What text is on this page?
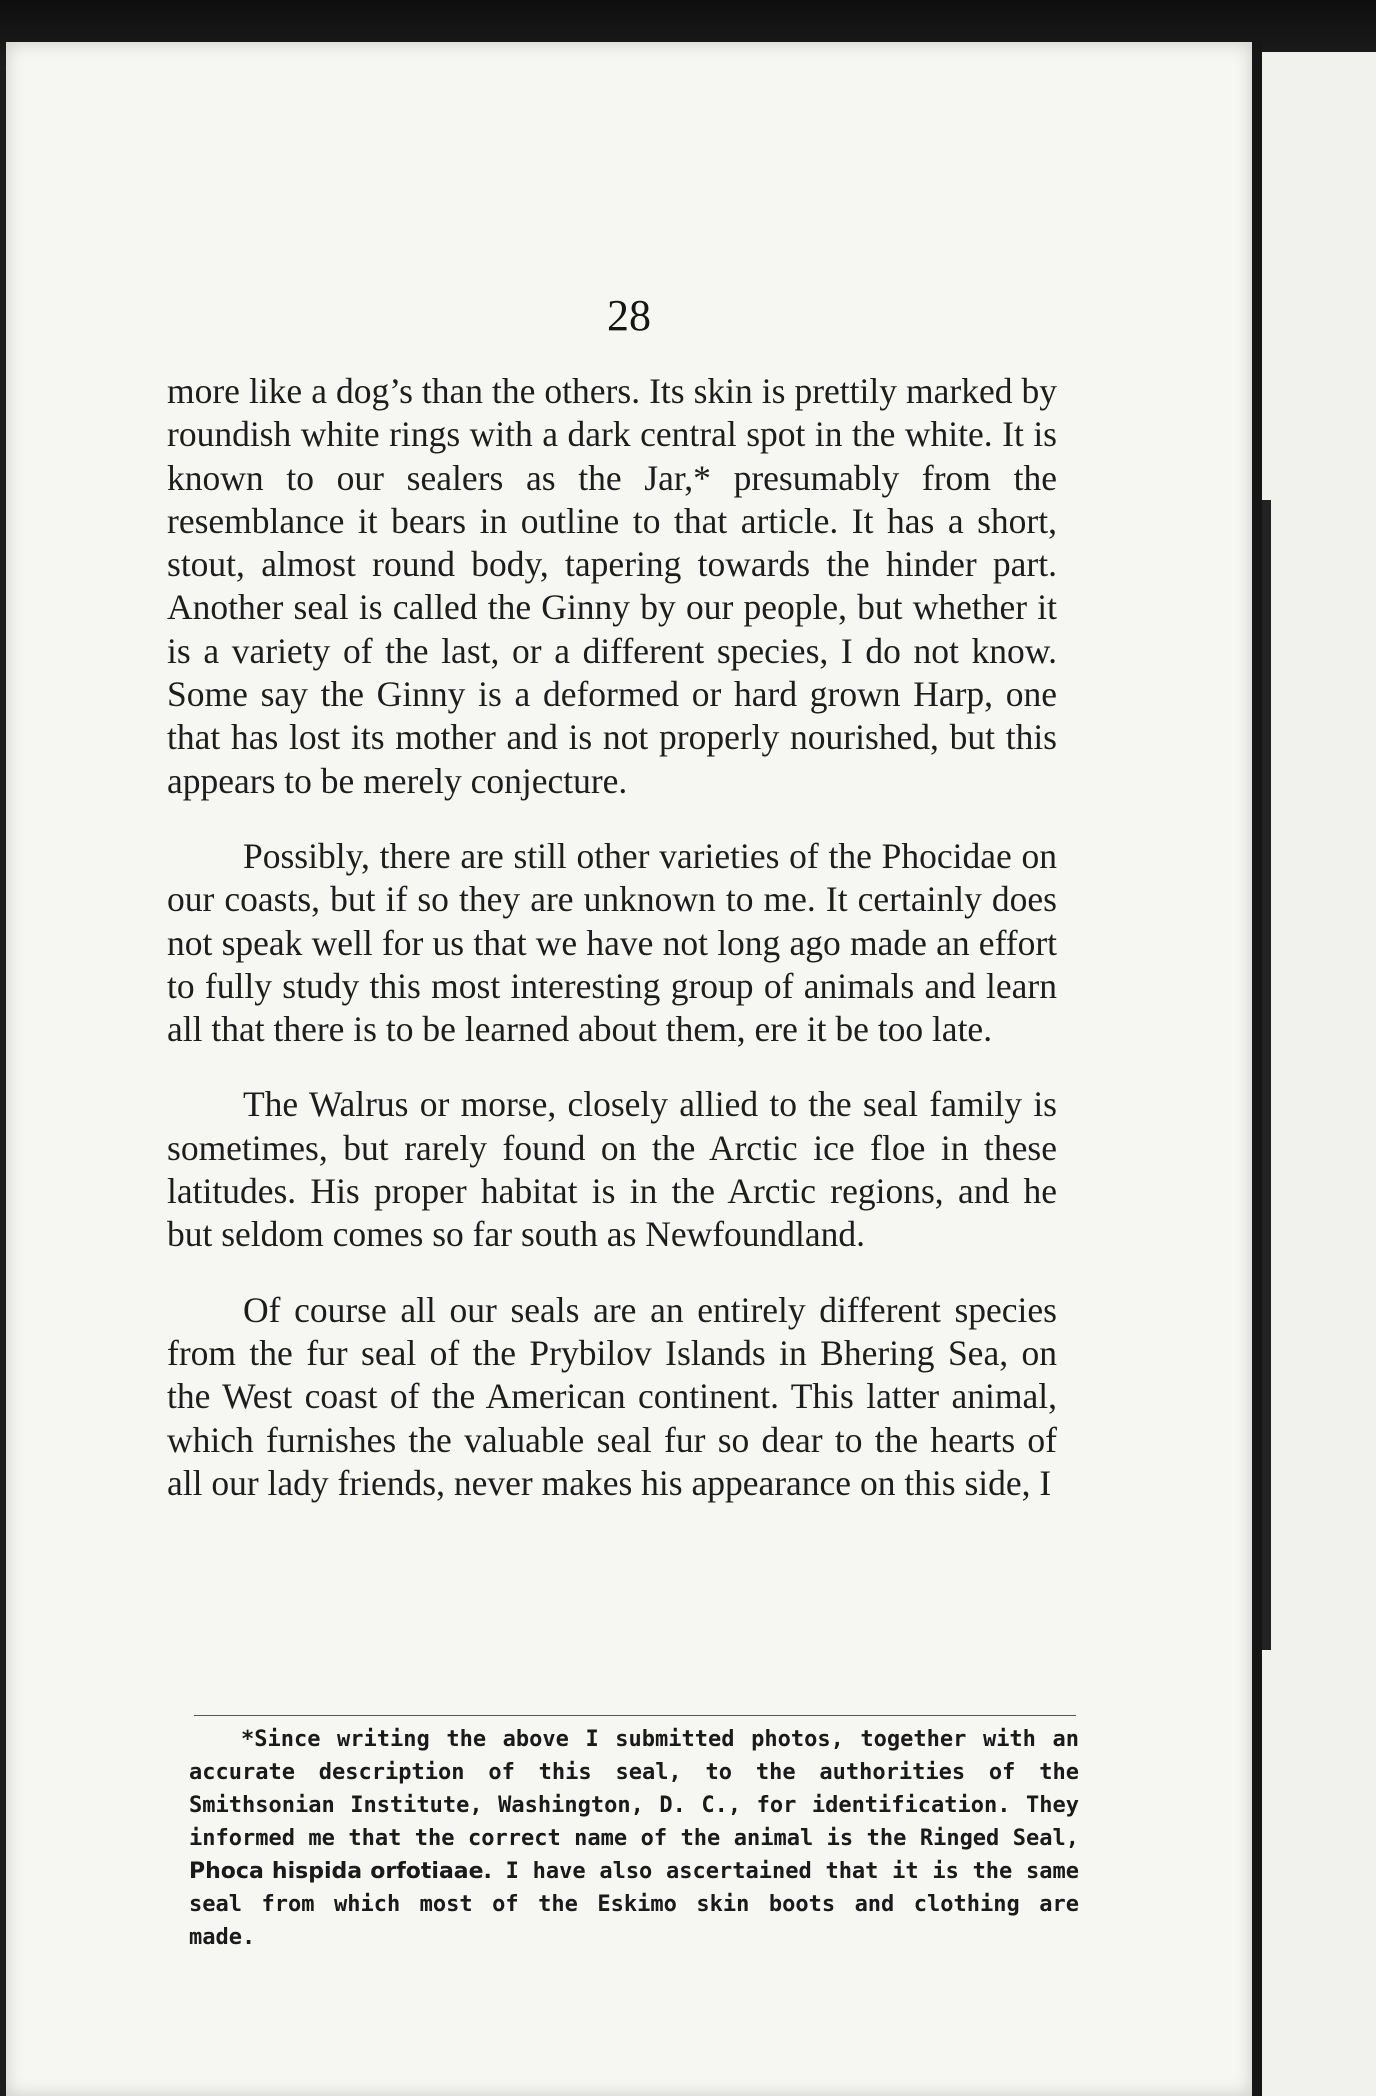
28

more like a dog’s than the others. Its skin is prettily marked by roundish white rings with a dark central spot in the white. It is known to our sealers as the Jar,* presumably from the resemblance it bears in outline to that article. It has a short, stout, almost round body, tapering towards the hinder part. Another seal is called the Ginny by our people, but whether it is a variety of the last, or a different species, I do not know. Some say the Ginny is a deformed or hard grown Harp, one that has lost its mother and is not properly nourished, but this appears to be merely conjecture.

Possibly, there are still other varieties of the Phocidae on our coasts, but if so they are unknown to me. It certainly does not speak well for us that we have not long ago made an effort to fully study this most interesting group of animals and learn all that there is to be learned about them, ere it be too late.

The Walrus or morse, closely allied to the seal family is sometimes, but rarely found on the Arctic ice floe in these latitudes. His proper habitat is in the Arctic regions, and he but seldom comes so far south as Newfoundland.

Of course all our seals are an entirely different species from the fur seal of the Prybilov Islands in Bhering Sea, on the West coast of the American continent. This latter animal, which furnishes the valuable seal fur so dear to the hearts of all our lady friends, never makes his appearance on this side, I

*Since writing the above I submitted photos, together with an accurate description of this seal, to the authorities of the Smithsonian Institute, Washington, D. C., for identification. They informed me that the correct name of the animal is the Ringed Seal, Phoca hispida orfotiaae. I have also ascertained that it is the same seal from which most of the Eskimo skin boots and clothing are made.
